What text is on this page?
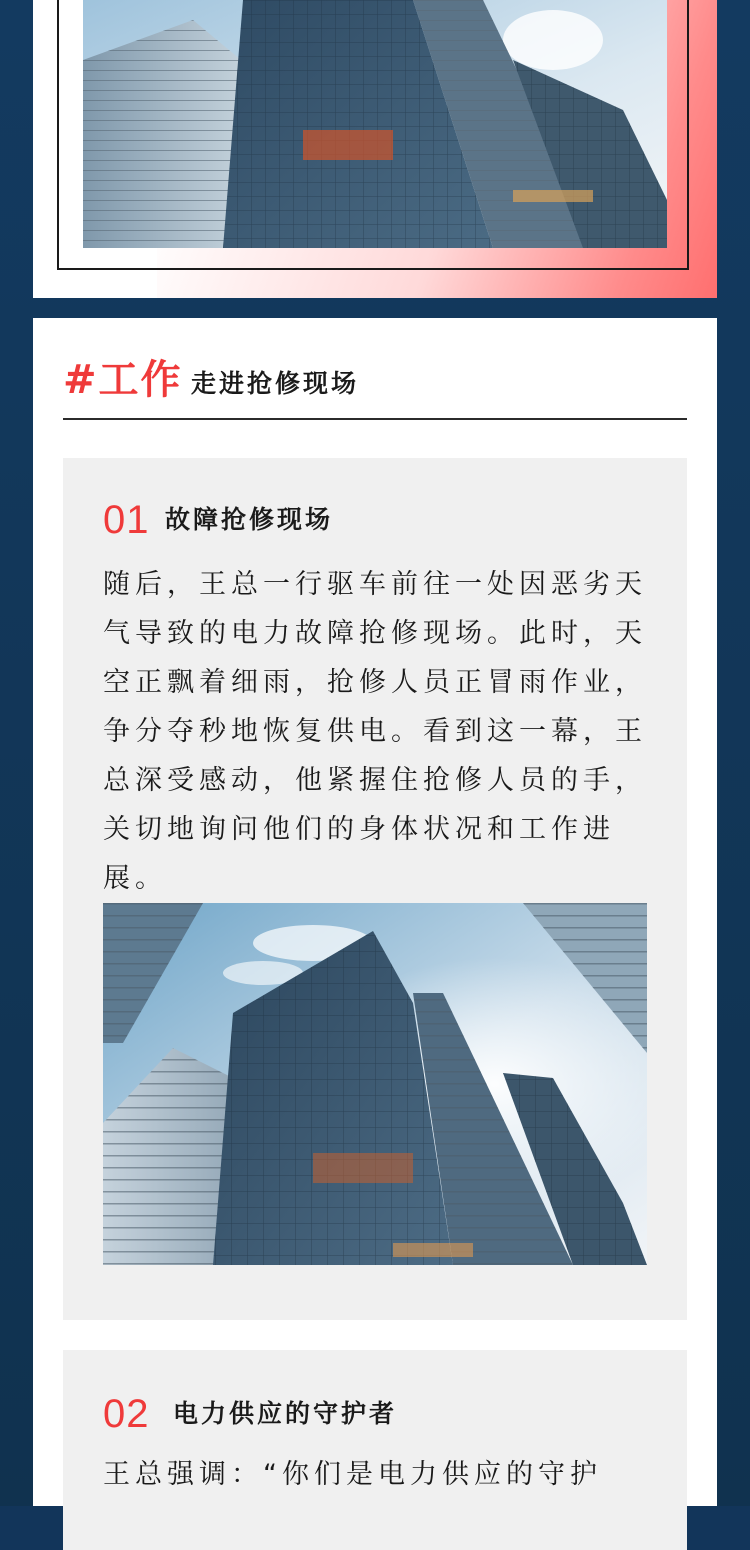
#工作 走进抢修现场
01 故障抢修现场

随后，王总一行驱车前往一处因恶劣天气导致的电力故障抢修现场。此时，天空正飘着细雨，抢修人员正冒雨作业，争分夺秒地恢复供电。看到这一幕，王总深受感动，他紧握住抢修人员的手，关切地询问他们的身体状况和工作进展。

02 电力供应的守护者

王总强调：“你们是电力供应的守护
